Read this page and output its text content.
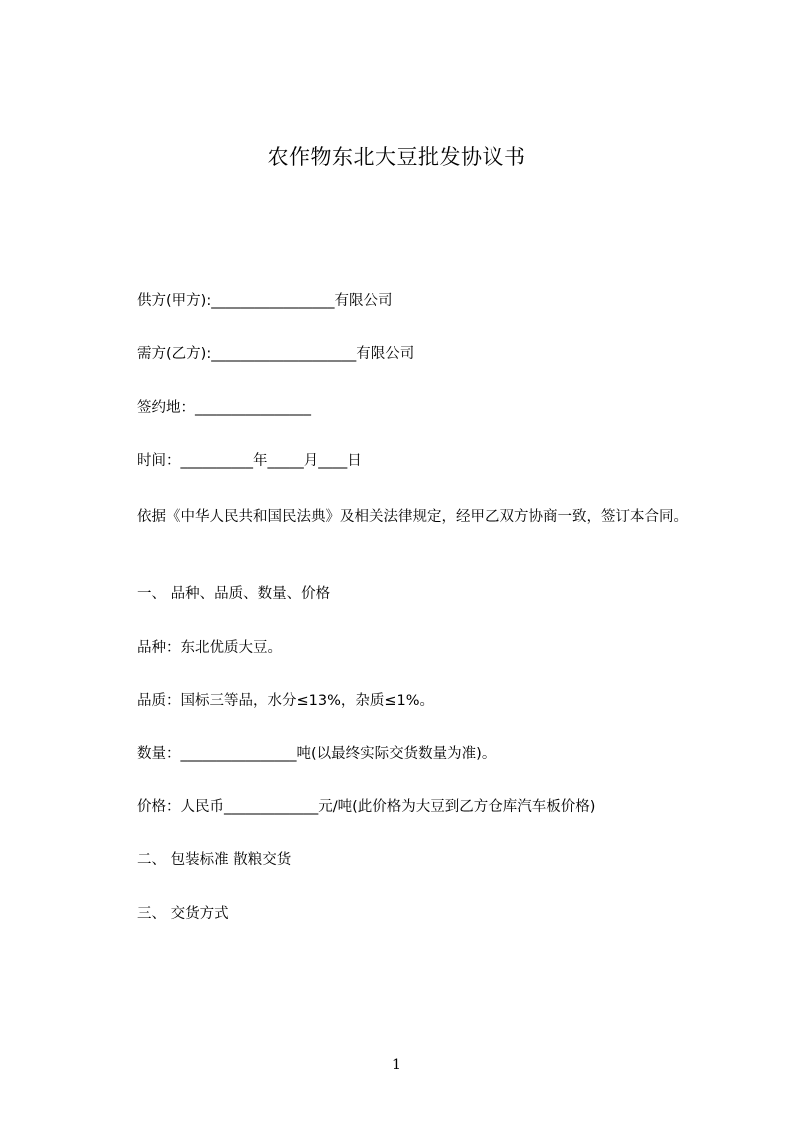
农作物东北大豆批发协议书
供方(甲方):_________________有限公司
需方(乙方):____________________有限公司
签约地：________________
时间：__________年_____月____日
依据《中华人民共和国民法典》及相关法律规定，经甲乙双方协商一致，签订本合同。
一、 品种、品质、数量、价格
品种：东北优质大豆。
品质：国标三等品，水分≤13%，杂质≤1%。
数量：________________吨(以最终实际交货数量为准)。
价格：人民币_____________元/吨(此价格为大豆到乙方仓库汽车板价格)
二、 包装标准 散粮交货
三、 交货方式
1
